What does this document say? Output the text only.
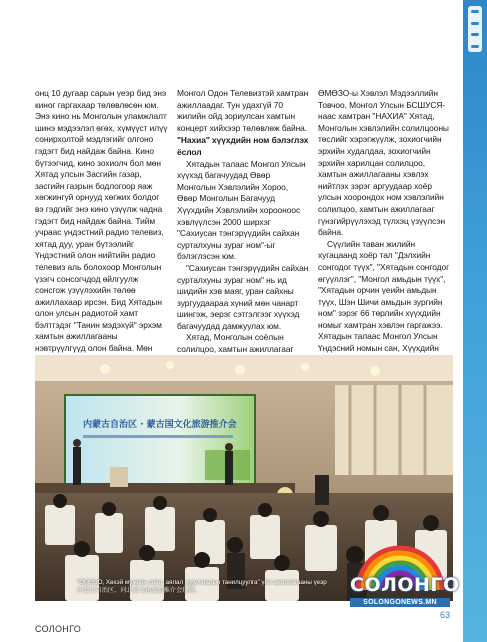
онц 10 дугаар сарын үеэр бид энэ киног гаргахаар төлөвлөсөн юм. Энэ кино нь Монголын уламжлалт шинэ мэдээлэл өгөх, хүмүүст илүү сонирхолтой мэдлэгийг олгоно гэдэгт бид найдаж байна. Кино бүтээгчид, кино зохиолч бол мөн Хятад улсын Засгийн газар, засгийн газрын бодлогоор яаж хөгжингүй орнууд хөгжих болдог вэ гэдгийг энэ кино үзүүлж чадна гэдэгт бид найдаж байна. Тийм учраас үндэстний радио телевиз, хятад дуу, уран бүтээлийг Үндэстний олон нийтийн радио телевиз аль болохоор Монголын үзэгч сонсогчдод өйлгуулж сонсгож үзүүлэхийн төлөө ажиллахаар ирсэн. Бид Хятадын олон улсын радиотой хамт бэлтгэдэг "Танин мэдэхүй" эрхэм хамтын ажиллагааны нэвтрүүлгүүд олон байна. Мөн

Монгол Одон Телевизтэй хамтран ажиллаадаг. Тун удахгүй 70 жилийн ойд зориулсан хамтын концерт хийхээр төлөвлөж байна.

"Нахиа" хүүхдийн ном бэлэглэх ёслол

Хятадын талаас Монгол Улсын хүүхэд багачуудад Өвөр Монголын Хэвлэлийн Хороо, Өвөр Монголын Багачууд Хүүхдийн Хэвлэлийн хорооноос хэвлүүлсэн 2000 ширхэг "Сахиусан тэнгэрүүдийн сайхан сурталхуны зураг ном"-ыг бэлэглэсэн юм.

"Сахиусан тэнгэрүүдийн сайхан сурталхуны зураг ном" нь ид шидийн хэв маяг, уран сайхны зургуудаараа хүний мөн чанарт шингэж, эерэг сэтгэлгээг хүүхэд багачуудад дамжуулах юм.

Хятад, Монголын соёлын солилцоо, хамтын ажиллагааг

ӨМӨЗО-ы Хэвлэл Мэдээллийн Товчоо, Монгол Улсын БСШУСЯ-наас хамтран "НАХИА" Хятад, Монголын хэвлэлийн солилцооны төслийг хэрэгжүүлж, зохиогчийн эрхийн худалдаа, зохиогчийн эрхийн харилцан солилцоо, хамтын ажиллагааны хэвлэх нийтлэх зэрэг аргуудаар хоёр улсын хоорондох ном хэвлэлийн солилцоо, хамтын ажиллагааг гүнзгийрүүлэхэд түлхэц үзүүлсэн байна.

Сүүлийн таван жилийн хугацаанд хоёр тал "Дэлхийн сонгодог түүх", "Хятадын сонгодог өгүүллэг", "Монгол амьдын түүх", "Хятадын орчин үеийн амьдын түүх, Шэн Шичи амьдын зургийн ном" зэрэг 66 төрлийн хүүхдийн номыг хамтран хэвлэн гаргажээ. Хятадын талаас Монгол Улсын Үндэсний номын сан, Хүүхдийн

内蒙古自治区 · 蒙古国文化旅游推介会
"ӨМӨЗО, Хөхэй мужийн соёл, аялал жуулчлалын танилцуулга" үйл ажиллагааны үеэр
内蒙古自治区、河北省文化旅游推介会现场。	СОЛОНГО
SOLONGONEWS.MN
СОЛОНГО
63
